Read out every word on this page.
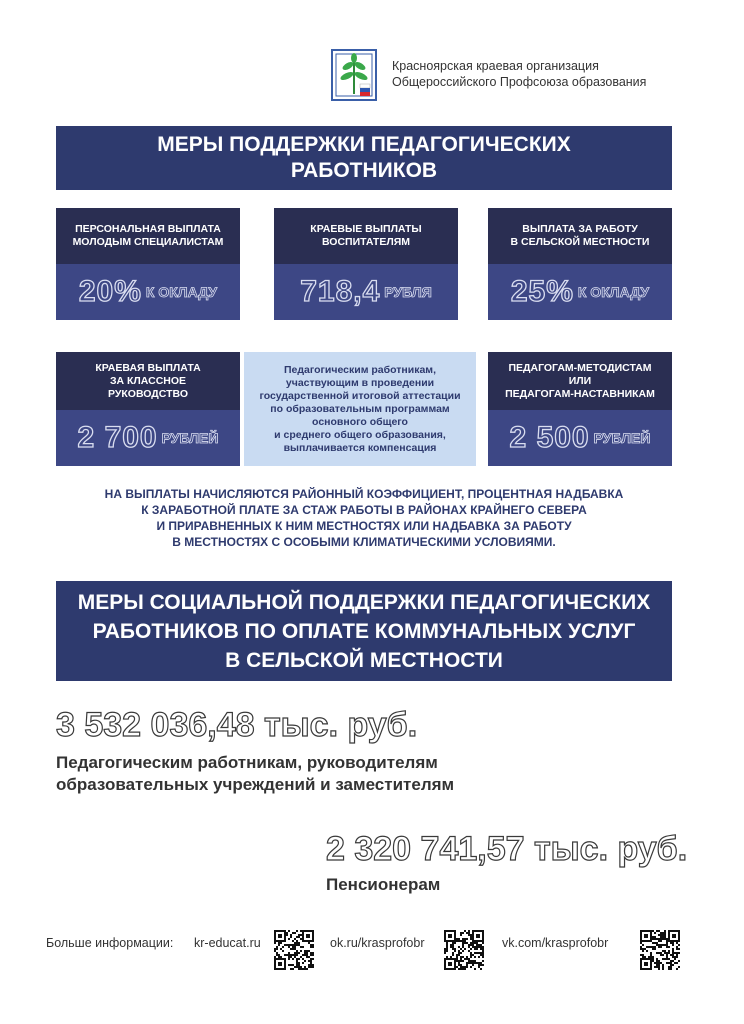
Красноярская краевая организация
Общероссийского Профсоюза образования
МЕРЫ ПОДДЕРЖКИ ПЕДАГОГИЧЕСКИХ
РАБОТНИКОВ
ПЕРСОНАЛЬНАЯ ВЫПЛАТА
МОЛОДЫМ СПЕЦИАЛИСТАМ
20% К ОКЛАДУ
КРАЕВЫЕ ВЫПЛАТЫ
ВОСПИТАТЕЛЯМ
718,4 РУБЛЯ
ВЫПЛАТА ЗА РАБОТУ
В СЕЛЬСКОЙ МЕСТНОСТИ
25% К ОКЛАДУ
КРАЕВАЯ ВЫПЛАТА
ЗА КЛАССНОЕ
РУКОВОДСТВО
2 700 РУБЛЕЙ
Педагогическим работникам,
участвующим в проведении
государственной итоговой аттестации
по образовательным программам
основного общего
и среднего общего образования,
выплачивается компенсация
ПЕДАГОГАМ-МЕТОДИСТАМ
ИЛИ
ПЕДАГОГАМ-НАСТАВНИКАМ
2 500 РУБЛЕЙ
НА ВЫПЛАТЫ НАЧИСЛЯЮТСЯ РАЙОННЫЙ КОЭФФИЦИЕНТ, ПРОЦЕНТНАЯ НАДБАВКА
К ЗАРАБОТНОЙ ПЛАТЕ ЗА СТАЖ РАБОТЫ В РАЙОНАХ КРАЙНЕГО СЕВЕРА
И ПРИРАВНЕННЫХ К НИМ МЕСТНОСТЯХ ИЛИ НАДБАВКА ЗА РАБОТУ
В МЕСТНОСТЯХ С ОСОБЫМИ КЛИМАТИЧЕСКИМИ УСЛОВИЯМИ.
МЕРЫ СОЦИАЛЬНОЙ ПОДДЕРЖКИ ПЕДАГОГИЧЕСКИХ
РАБОТНИКОВ ПО ОПЛАТЕ КОММУНАЛЬНЫХ УСЛУГ
В СЕЛЬСКОЙ МЕСТНОСТИ
3 532 036,48 тыс. руб.
Педагогическим работникам, руководителям
образовательных учреждений и заместителям
2 320 741,57 тыс. руб.
Пенсионерам
Больше информации: kr-educat.ru	ok.ru/krasprofobr	vk.com/krasprofobr
